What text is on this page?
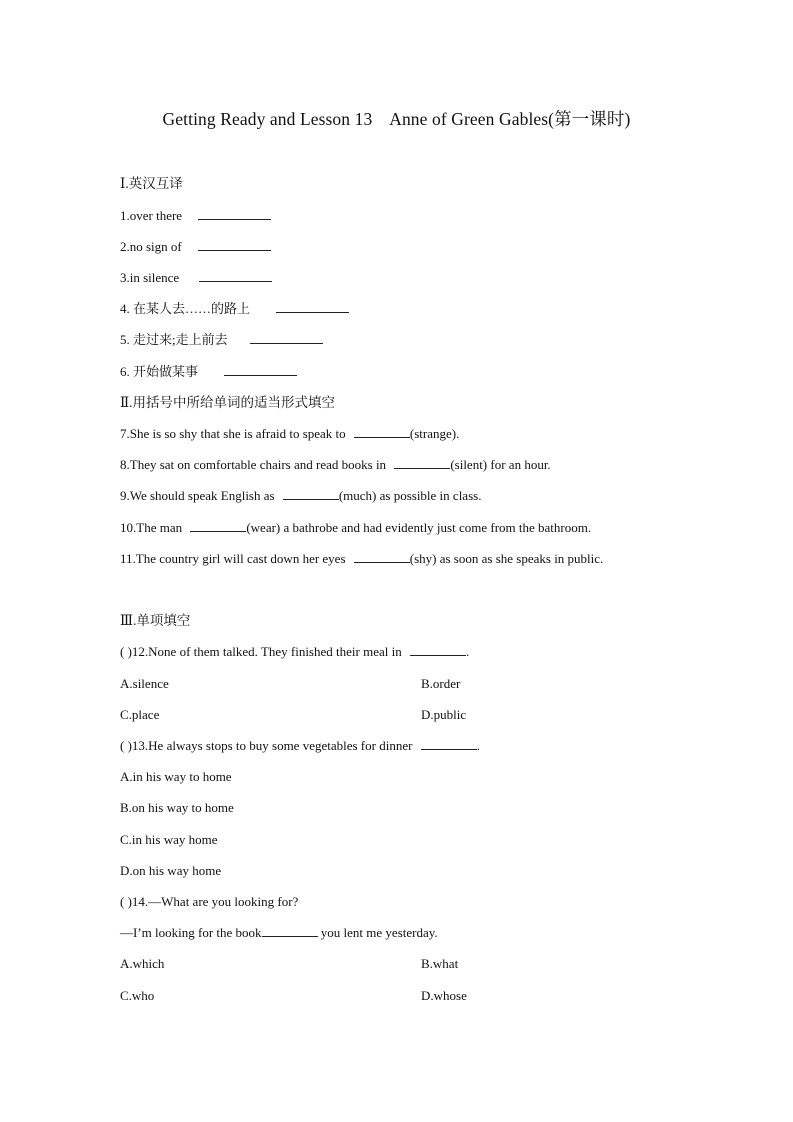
Getting Ready and Lesson 13    Anne of Green Gables(第一课时)
Ⅰ.英汉互译
1.over there
2.no sign of
3.in silence
4. 在某人去……的路上
5. 走过来;走上前去
6. 开始做某事
Ⅱ.用括号中所给单词的适当形式填空
7.She is so shy that she is afraid to speak to	(strange).
8.They sat on comfortable chairs and read books in	(silent) for an hour.
9.We should speak English as	(much) as possible in class.
10.The man	(wear) a bathrobe and had evidently just come from the bathroom.
11.The country girl will cast down her eyes	(shy) as soon as she speaks in public.
Ⅲ.单项填空
( )12.None of them talked. They finished their meal in	.
A.silence	B.order
C.place	D.public
( )13.He always stops to buy some vegetables for dinner	.
A.in his way to home
B.on his way to home
C.in his way home
D.on his way home
( )14.—What are you looking for?
—I’m looking for the book	you lent me yesterday.
A.which	B.what
C.who	D.whose
